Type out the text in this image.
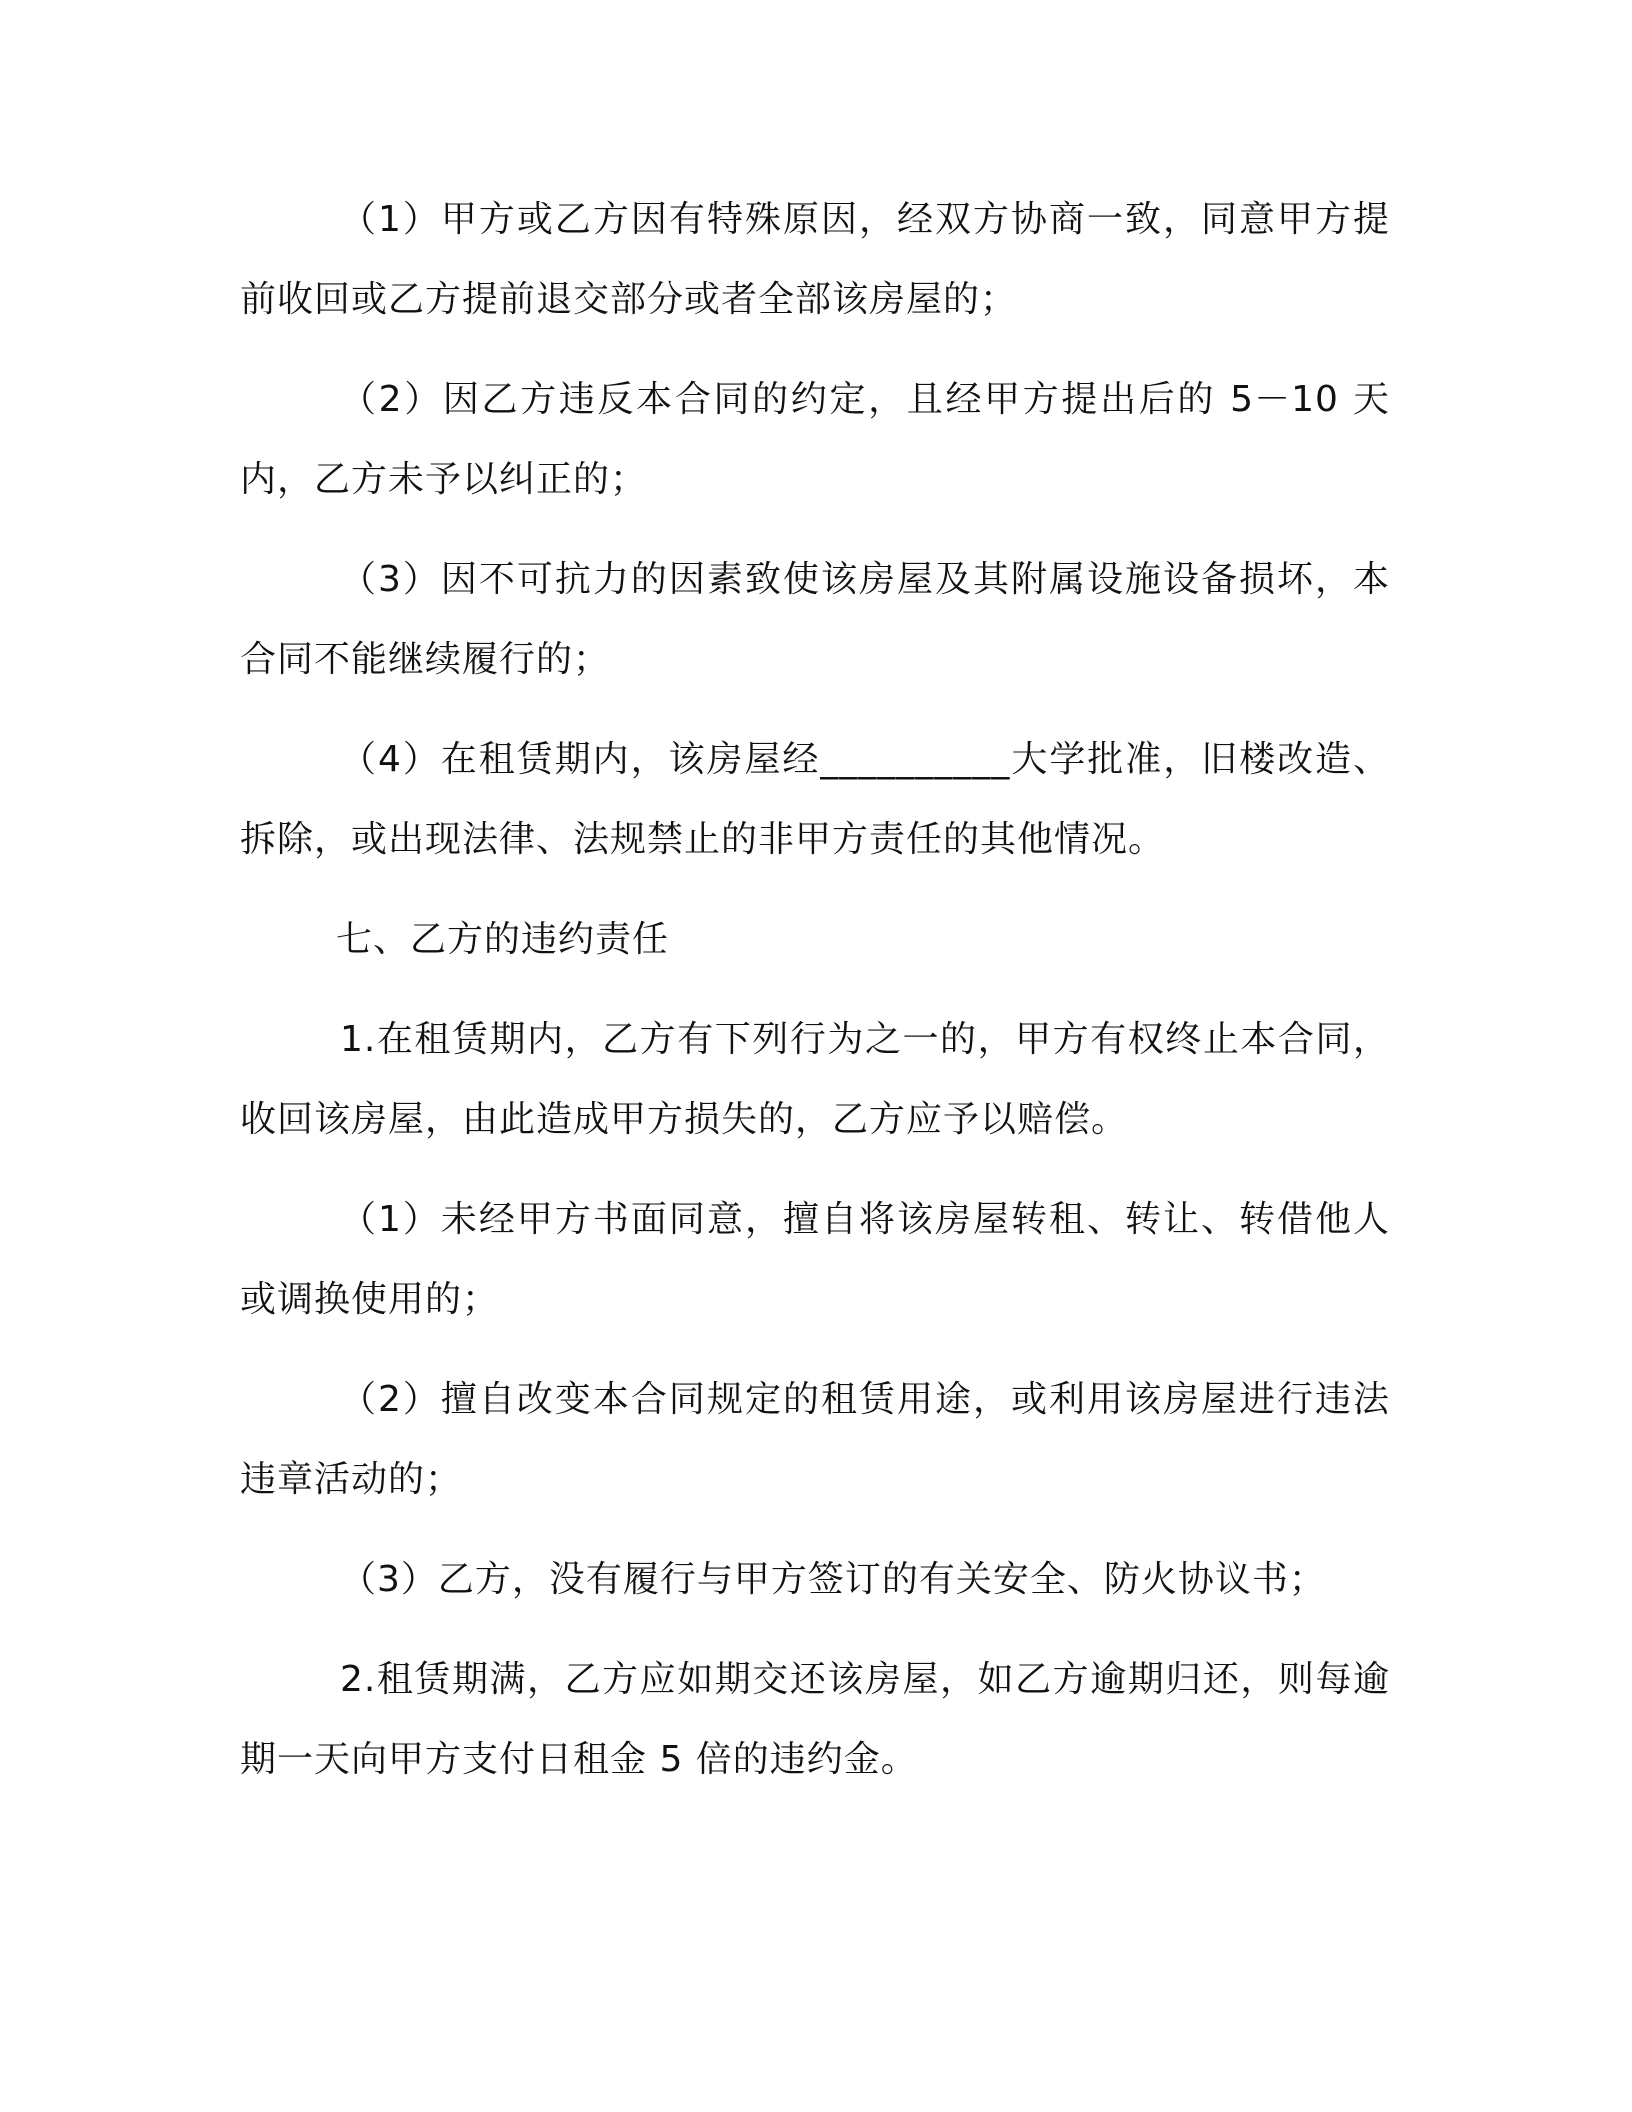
（1）甲方或乙方因有特殊原因，经双方协商一致，同意甲方提前收回或乙方提前退交部分或者全部该房屋的；

（2）因乙方违反本合同的约定，且经甲方提出后的 5－10 天内，乙方未予以纠正的；

（3）因不可抗力的因素致使该房屋及其附属设施设备损坏，本合同不能继续履行的；

（4）在租赁期内，该房屋经__________大学批准，旧楼改造、拆除，或出现法律、法规禁止的非甲方责任的其他情况。

七、乙方的违约责任

1.在租赁期内，乙方有下列行为之一的，甲方有权终止本合同，收回该房屋，由此造成甲方损失的，乙方应予以赔偿。

（1）未经甲方书面同意，擅自将该房屋转租、转让、转借他人或调换使用的；

（2）擅自改变本合同规定的租赁用途，或利用该房屋进行违法违章活动的；

（3）乙方，没有履行与甲方签订的有关安全、防火协议书；

2.租赁期满，乙方应如期交还该房屋，如乙方逾期归还，则每逾期一天向甲方支付日租金 5 倍的违约金。
